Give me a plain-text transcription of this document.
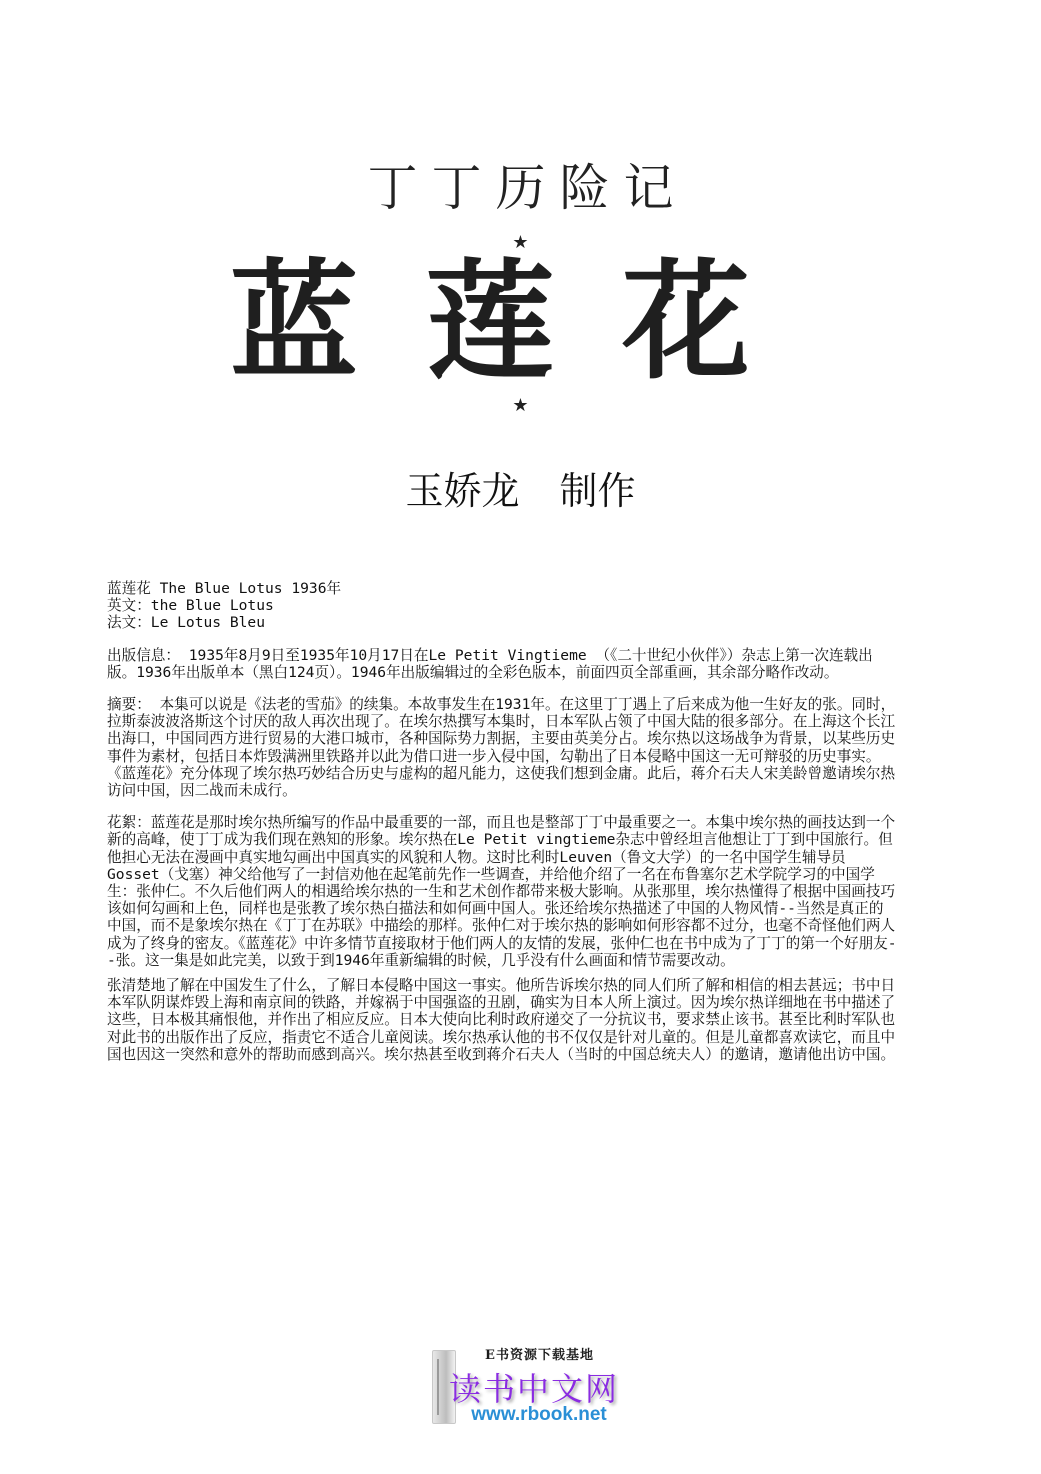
丁丁历险记
★
蓝 莲 花
★
玉娇龙 制作

蓝莲花 The Blue Lotus 1936年

英文：the Blue Lotus

法文：Le Lotus Bleu

出版信息： 1935年8月9日至1935年10月17日在Le Petit Vingtieme （《二十世纪小伙伴》）杂志上第一次连载出版。1936年出版单本（黑白124页）。1946年出版编辑过的全彩色版本，前面四页全部重画，其余部分略作改动。

摘要： 本集可以说是《法老的雪茄》的续集。本故事发生在1931年。在这里丁丁遇上了后来成为他一生好友的张。同时，拉斯泰波波洛斯这个讨厌的敌人再次出现了。在埃尔热撰写本集时，日本军队占领了中国大陆的很多部分。在上海这个长江出海口，中国同西方进行贸易的大港口城市，各种国际势力割据，主要由英美分占。埃尔热以这场战争为背景，以某些历史事件为素材，包括日本炸毁满洲里铁路并以此为借口进一步入侵中国，勾勒出了日本侵略中国这一无可辩驳的历史事实。《蓝莲花》充分体现了埃尔热巧妙结合历史与虚构的超凡能力，这使我们想到金庸。此后，蒋介石夫人宋美龄曾邀请埃尔热访问中国，因二战而未成行。

花絮：蓝莲花是那时埃尔热所编写的作品中最重要的一部，而且也是整部丁丁中最重要之一。本集中埃尔热的画技达到一个新的高峰，使丁丁成为我们现在熟知的形象。埃尔热在Le Petit vingtieme杂志中曾经坦言他想让丁丁到中国旅行。但他担心无法在漫画中真实地勾画出中国真实的风貌和人物。这时比利时Leuven（鲁文大学）的一名中国学生辅导员Gosset（戈塞）神父给他写了一封信劝他在起笔前先作一些调查，并给他介绍了一名在布鲁塞尔艺术学院学习的中国学生：张仲仁。不久后他们两人的相遇给埃尔热的一生和艺术创作都带来极大影响。从张那里，埃尔热懂得了根据中国画技巧该如何勾画和上色，同样也是张教了埃尔热白描法和如何画中国人。张还给埃尔热描述了中国的人物风情--当然是真正的中国，而不是象埃尔热在《丁丁在苏联》中描绘的那样。张仲仁对于埃尔热的影响如何形容都不过分，也毫不奇怪他们两人成为了终身的密友。《蓝莲花》中许多情节直接取材于他们两人的友情的发展，张仲仁也在书中成为了丁丁的第一个好朋友--张。这一集是如此完美，以致于到1946年重新编辑的时候，几乎没有什么画面和情节需要改动。

张清楚地了解在中国发生了什么，了解日本侵略中国这一事实。他所告诉埃尔热的同人们所了解和相信的相去甚远；书中日本军队阴谋炸毁上海和南京间的铁路，并嫁祸于中国强盗的丑剧，确实为日本人所上演过。因为埃尔热详细地在书中描述了这些，日本极其痛恨他，并作出了相应反应。日本大使向比利时政府递交了一分抗议书，要求禁止该书。甚至比利时军队也对此书的出版作出了反应，指责它不适合儿童阅读。埃尔热承认他的书不仅仅是针对儿童的。但是儿童都喜欢读它，而且中国也因这一突然和意外的帮助而感到高兴。埃尔热甚至收到蒋介石夫人（当时的中国总统夫人）的邀请，邀请他出访中国。

E书资源下载基地
读书中文网
www.rbook.net
